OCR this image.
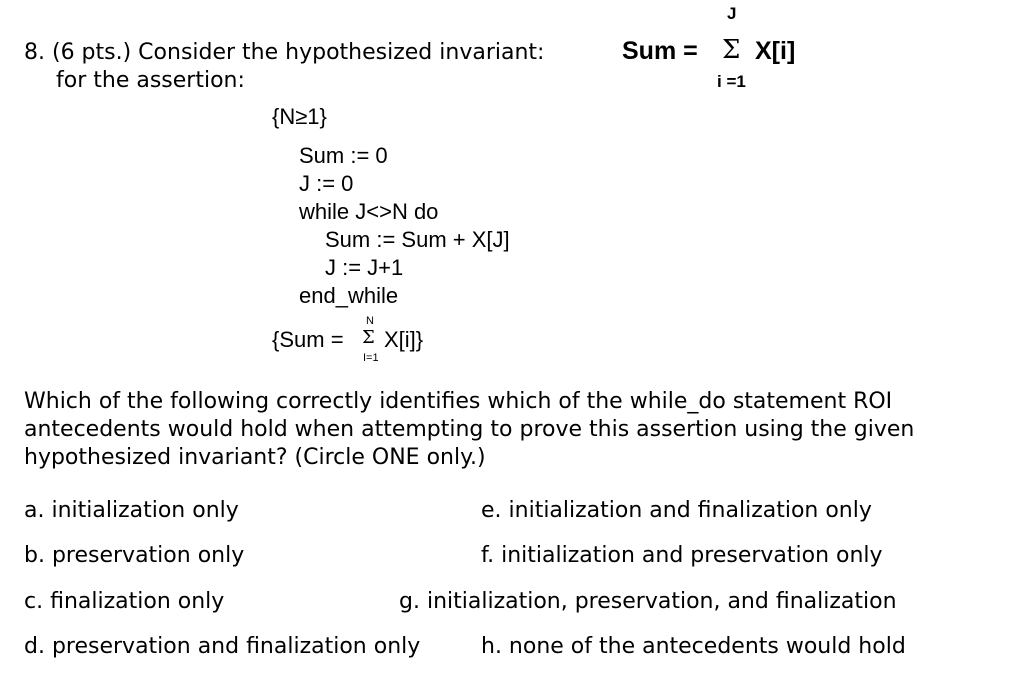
8. (6 pts.) Consider the hypothesized invariant:
for the assertion:
J
Sum = Σ X[i]
i =1
{N≥1}
Sum := 0
J := 0
while J<>N do
Sum := Sum + X[J]
J := J+1
end_while
N
{Sum = Σ X[i]}
I=1
Which of the following correctly identifies which of the while_do statement ROI antecedents would hold when attempting to prove this assertion using the given hypothesized invariant? (Circle ONE only.)
a. initialization only
b. preservation only
c. finalization only
d. preservation and finalization only
e. initialization and finalization only
f. initialization and preservation only
g. initialization, preservation, and finalization
h. none of the antecedents would hold
